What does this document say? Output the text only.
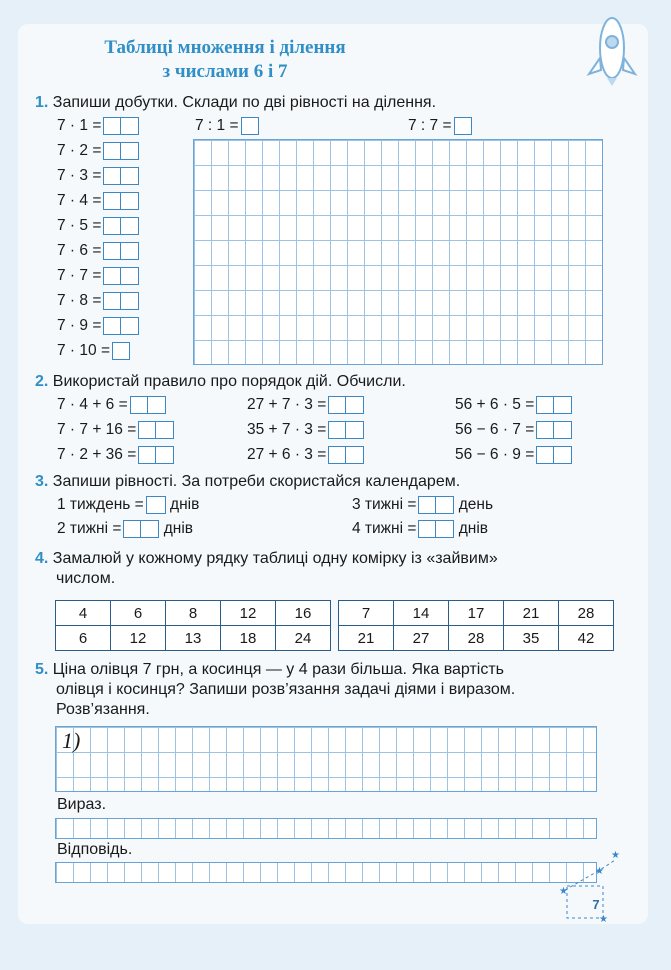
Таблиці множення і ділення
з числами 6 і 7
1. Запиши добутки. Склади по дві рівності на ділення.
7 · 1 =
7 · 2 =
7 · 3 =
7 · 4 =
7 · 5 =
7 · 6 =
7 · 7 =
7 · 8 =
7 · 9 =
7 · 10 =
7 : 1 =	7 : 7 =
2. Використай правило про порядок дій. Обчисли.
7 · 4 + 6 =	27 + 7 · 3 =	56 + 6 · 5 =
7 · 7 + 16 =	35 + 7 · 3 =	56 − 6 · 7 =
7 · 2 + 36 =	27 + 6 · 3 =	56 − 6 · 9 =
3. Запиши рівності. За потреби скористайся календарем.
1 тиждень = днів
2 тижні =	днів
3 тижні =	день
4 тижні =	днів
4. Замалюй у кожному рядку таблиці одну комірку із «зайвим»
числом.
4	6	8	12	16
6	12	13	18	24
7	14	17	21	28
21	27	28	35	42
5. Ціна олівця 7 грн, а косинця — у 4 рази більша. Яка вартість
олівця і косинця? Запиши розв’язання задачі діями і виразом.
Розв’язання.
1)
Вираз.
Відповідь.	★
★
★
★
7
